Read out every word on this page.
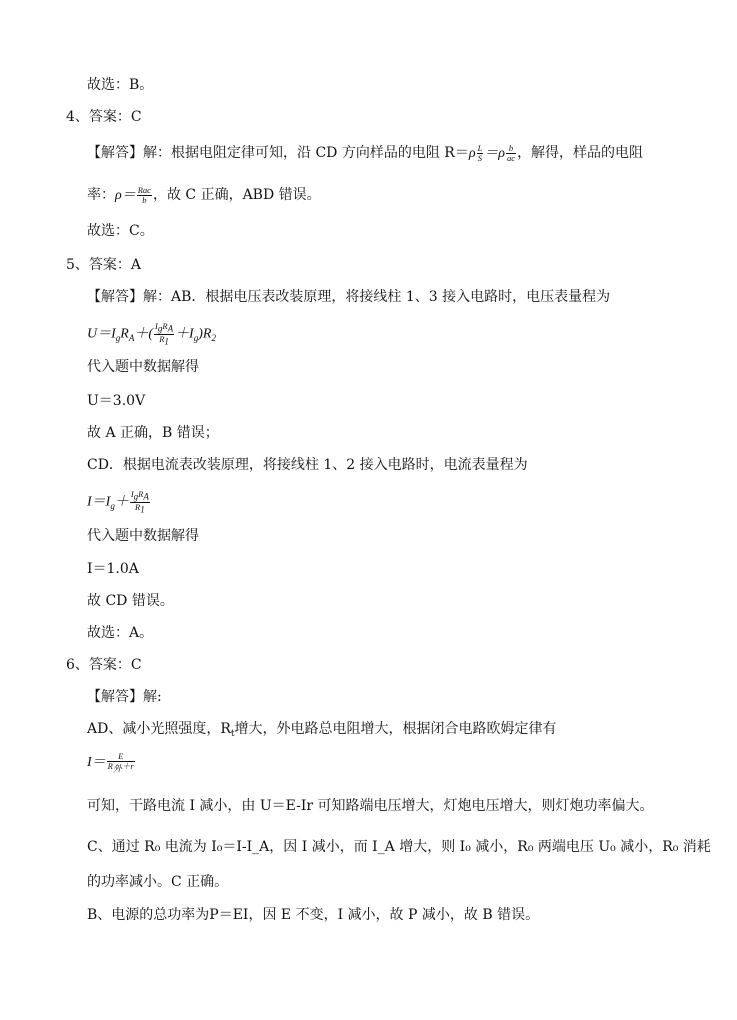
故选：B。
4、答案：C
【解答】解：根据电阻定律可知，沿 CD 方向样品的电阻 $R=\rho \frac{L}{S} =\rho \frac{b}{ac}$ ，解得，样品的电阻
率：$\rho= \frac{\text{Rac}}{b}$ ，故 C 正确，ABD 错误。
故选：C。
5、答案：A
【解答】解：AB．根据电压表改装原理，将接线柱 1、3 接入电路时，电压表量程为
$U=I_gR_A+( \frac{I_gR_A}{R_1} +I_g)R_2$
代入题中数据解得
U＝3.0V
故 A 正确，B 错误；
CD．根据电流表改装原理，将接线柱 1、2 接入电路时，电流表量程为
$I=I_g+ \frac{I_gR_A}{R_1}$
代入题中数据解得
I＝1.0A
故 CD 错误。
故选：A。
6、答案：C
【解答】解:
AD、减小光照强度，$R_t$增大，外电路总电阻增大，根据闭合电路欧姆定律有
$I= \frac{E}{R_外+r}$
可知，干路电流 I 减小，由 U＝E-Ir 可知路端电压增大，灯炮电压增大，则灯炮功率偏大。
C、通过 R₀ 电流为 I₀＝I-I_A，因 I 减小，而 I_A 增大，则 I₀ 减小，R₀ 两端电压 U₀ 减小，R₀ 消耗
的功率减小。C 正确。
B、电源的总功率为P＝EI，因 E 不变，I 减小，故 P 减小，故 B 错误。
